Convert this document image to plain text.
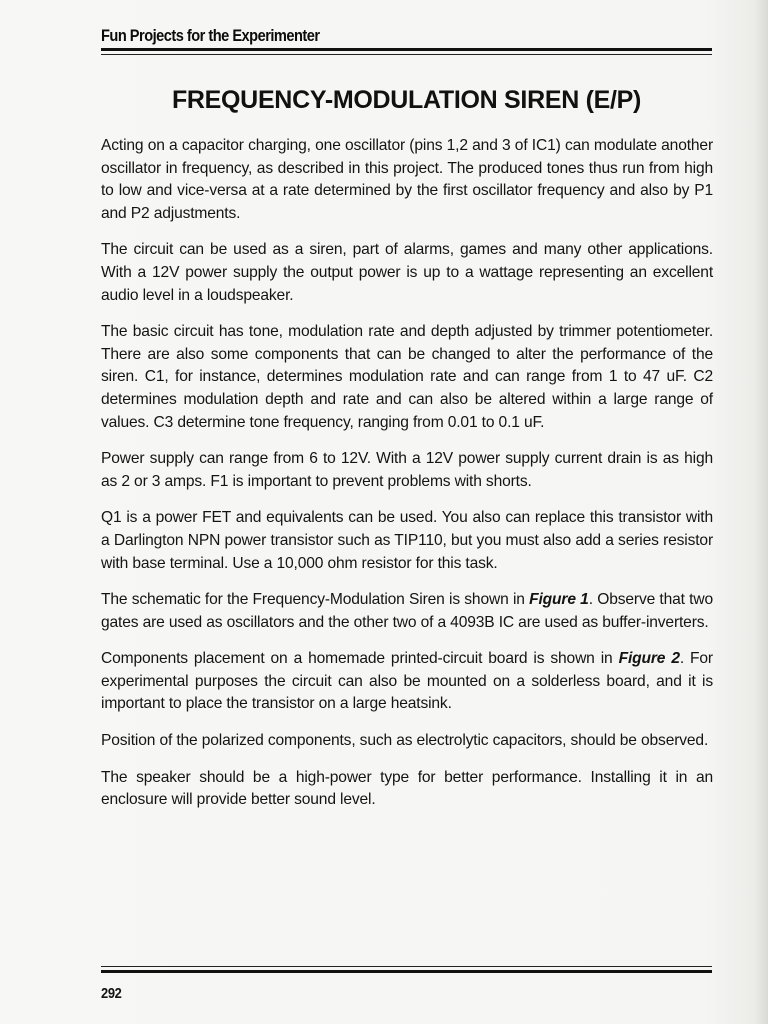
Fun Projects for the Experimenter
FREQUENCY-MODULATION SIREN (E/P)

Acting on a capacitor charging, one oscillator (pins 1,2 and 3 of IC1) can modulate another oscillator in frequency, as described in this project. The produced tones thus run from high to low and vice-versa at a rate determined by the first oscillator frequency and also by P1 and P2 adjustments.

The circuit can be used as a siren, part of alarms, games and many other applications. With a 12V power supply the output power is up to a wattage representing an excellent audio level in a loudspeaker.

The basic circuit has tone, modulation rate and depth adjusted by trimmer potentiometer. There are also some components that can be changed to alter the performance of the siren. C1, for instance, determines modulation rate and can range from 1 to 47 uF. C2 determines modulation depth and rate and can also be altered within a large range of values. C3 determine tone frequency, ranging from 0.01 to 0.1 uF.

Power supply can range from 6 to 12V. With a 12V power supply current drain is as high as 2 or 3 amps. F1 is important to prevent problems with shorts.

Q1 is a power FET and equivalents can be used. You also can replace this transistor with a Darlington NPN power transistor such as TIP110, but you must also add a series resistor with base terminal. Use a 10,000 ohm resistor for this task.

The schematic for the Frequency-Modulation Siren is shown in Figure 1. Observe that two gates are used as oscillators and the other two of a 4093B IC are used as buffer-inverters.

Components placement on a homemade printed-circuit board is shown in Figure 2. For experimental purposes the circuit can also be mounted on a solderless board, and it is important to place the transistor on a large heatsink.

Position of the polarized components, such as electrolytic capacitors, should be observed.

The speaker should be a high-power type for better performance. Installing it in an enclosure will provide better sound level.

292
